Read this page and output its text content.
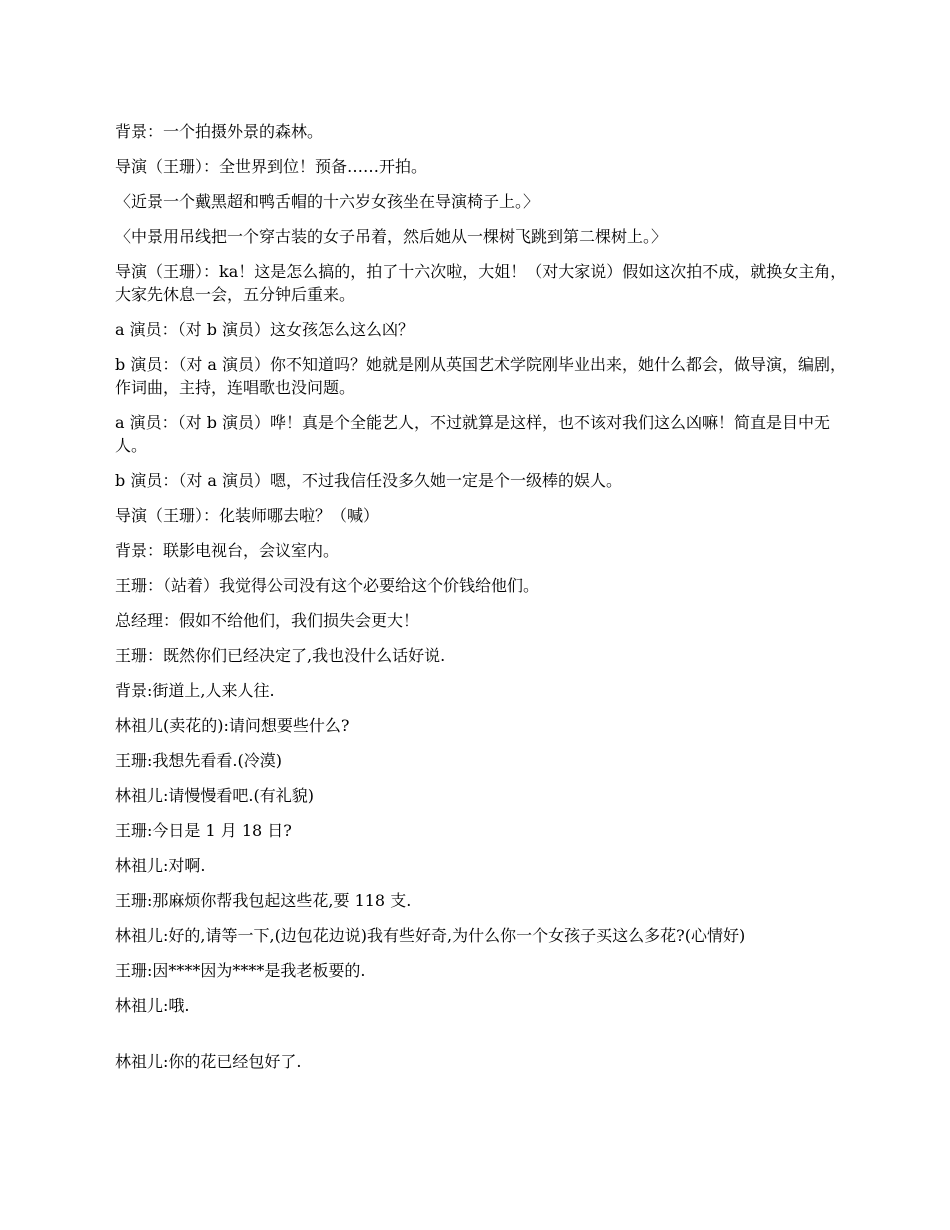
背景：一个拍摄外景的森林。

导演（王珊）：全世界到位！预备……开拍。

〈近景一个戴黑超和鸭舌帽的十六岁女孩坐在导演椅子上。〉

〈中景用吊线把一个穿古装的女子吊着，然后她从一棵树飞跳到第二棵树上。〉

导演（王珊）：ka！这是怎么搞的，拍了十六次啦，大姐！（对大家说）假如这次拍不成，就换女主角，大家先休息一会，五分钟后重来。

a 演员：（对 b 演员）这女孩怎么这么凶？

b 演员：（对 a 演员）你不知道吗？她就是刚从英国艺术学院刚毕业出来，她什么都会，做导演，编剧，作词曲，主持，连唱歌也没问题。

a 演员：（对 b 演员）哗！真是个全能艺人，不过就算是这样，也不该对我们这么凶嘛！简直是目中无人。

b 演员：（对 a 演员）嗯，不过我信任没多久她一定是个一级棒的娱人。

导演（王珊）：化装师哪去啦？（喊）

背景：联影电视台，会议室内。

王珊：（站着）我觉得公司没有这个必要给这个价钱给他们。

总经理：假如不给他们，我们损失会更大！

王珊：既然你们已经决定了,我也没什么话好说.

背景:街道上,人来人往.

林祖儿(卖花的):请问想要些什么?

王珊:我想先看看.(冷漠)

林祖儿:请慢慢看吧.(有礼貌)

王珊:今日是 1 月 18 日?

林祖儿:对啊.

王珊:那麻烦你帮我包起这些花,要 118 支.

林祖儿:好的,请等一下,(边包花边说)我有些好奇,为什么你一个女孩子买这么多花?(心情好)

王珊:因****因为****是我老板要的.

林祖儿:哦.

林祖儿:你的花已经包好了.
